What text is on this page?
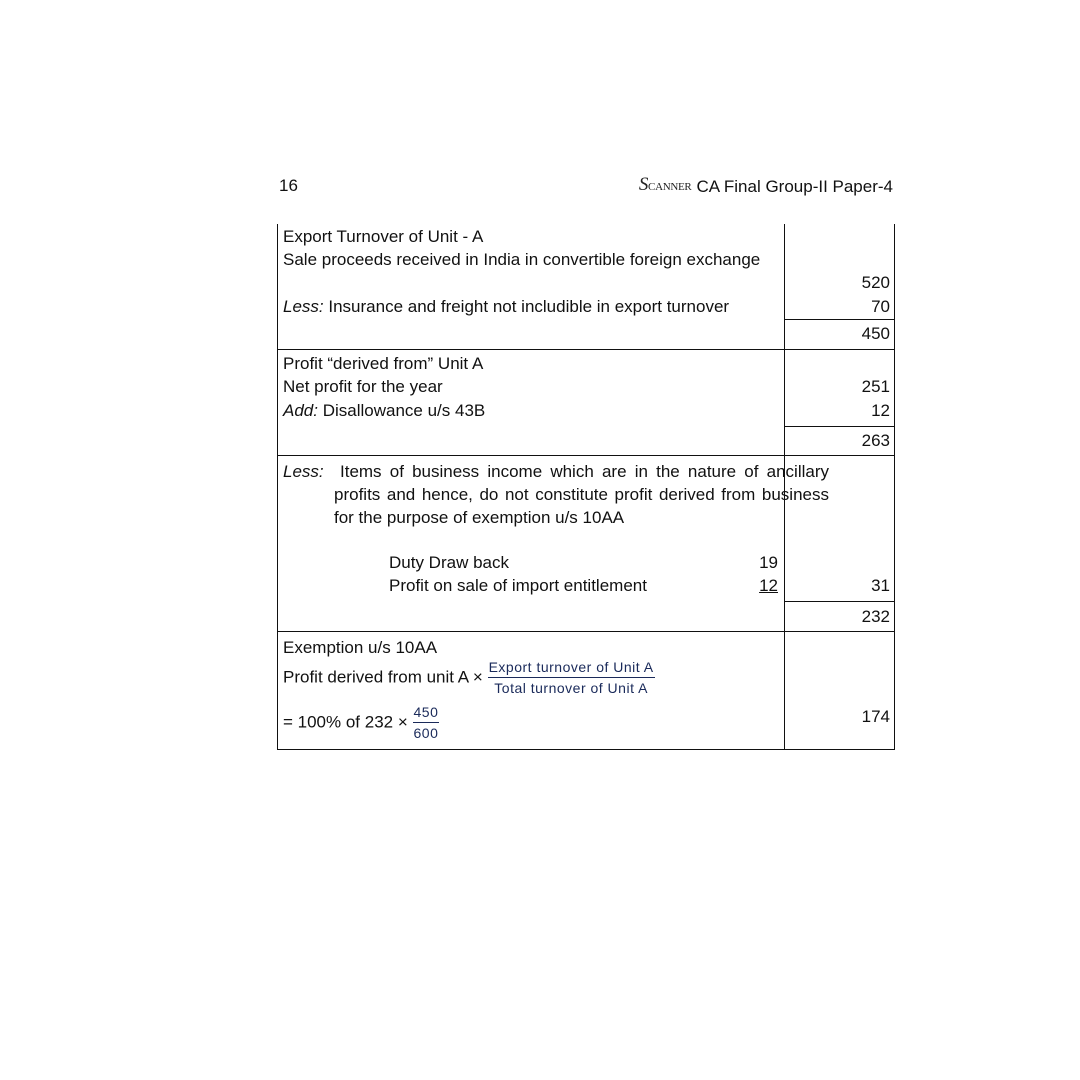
16	SCANNER CA Final Group-II Paper-4
Export Turnover of Unit - A
Sale proceeds received in India in convertible foreign exchange
520
Less: Insurance and freight not includible in export turnover	70
450
Profit “derived from” Unit A
Net profit for the year	251
Add: Disallowance u/s 43B	12
263
Less: Items of business income which are in the nature of ancillary profits and hence, do not constitute profit derived from business for the purpose of exemption u/s 10AA
Duty Draw back	19
Profit on sale of import entitlement	12	31
232
Exemption u/s 10AA
Profit derived from unit $A \times \frac{\text{Export turnover of Unit A}}{\text{Total turnover of Unit A}}$
= 100% of $232 \times \frac{450}{600}$	174
